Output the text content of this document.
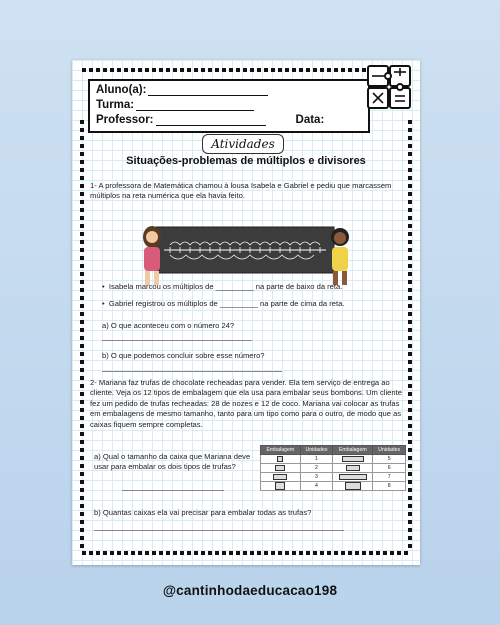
Aluno(a):
Turma:
Professor:	Data:
Atividades
Situações-problemas de múltiplos e divisores
1- A professora de Matemática chamou à lousa Isabela e Gabriel e pediu que marcassem múltiplos na reta numérica que ela havia feito.
•  Isabela marcou os múltiplos de _________ na parte de baixo da reta.
•  Gabriel registrou os múltiplos de _________ na parte de cima da reta.
a) O que aconteceu com o número 24?
b) O que podemos concluir sobre esse número?
2- Mariana faz trufas de chocolate recheadas para vender. Ela tem serviço de entrega ao cliente. Veja os 12 tipos de embalagem que ela usa para embalar seus bombons. Um cliente fez um pedido de trufas recheadas: 28 de nozes e 12 de coco. Mariana vai colocar as trufas em embalagens de mesmo tamanho, tanto para um tipo como para o outro, de modo que as caixas fiquem sempre completas.
a) Qual o tamanho da caixa que Mariana deve usar para embalar os dois tipos de trufas?
Embalagem	Unidades	Embalagem	Unidades
	1		5
	2		6
	3		7
	4		8
b) Quantas caixas ela vai precisar para embalar todas as trufas?
@cantinhodaeducacao198
